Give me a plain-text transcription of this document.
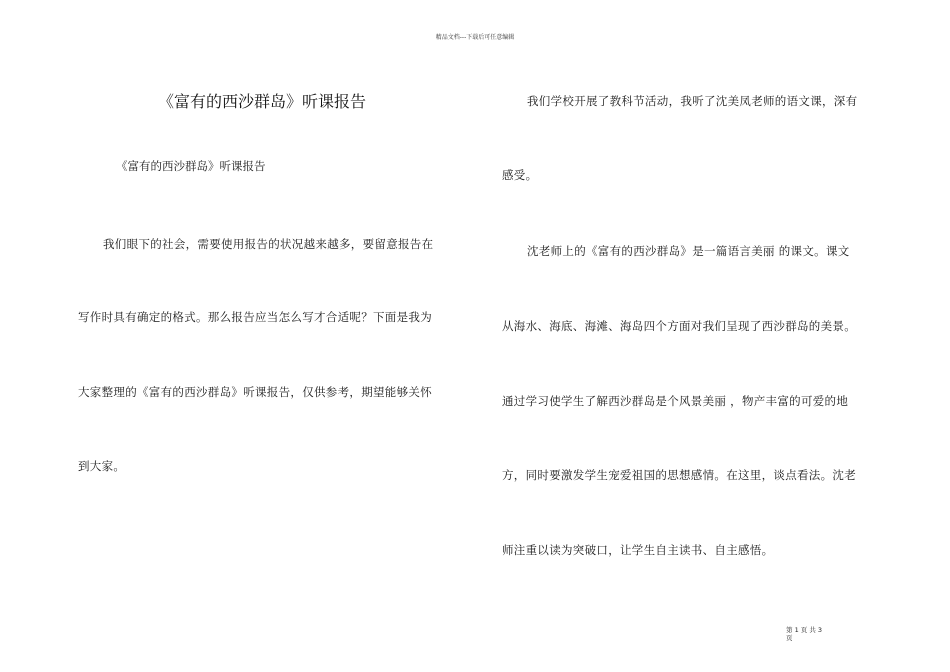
精品文档---下载后可任意编辑
《富有的西沙群岛》听课报告
《富有的西沙群岛》听课报告
我们眼下的社会，需要使用报告的状况越来越多，要留意报告在
写作时具有确定的格式。那么报告应当怎么写才合适呢？下面是我为
大家整理的《富有的西沙群岛》听课报告，仅供参考，期望能够关怀
到大家。
我们学校开展了教科节活动，我听了沈美凤老师的语文课，深有
感受。
沈老师上的《富有的西沙群岛》是一篇语言美丽 的课文。课文
从海水、海底、海滩、海岛四个方面对我们呈现了西沙群岛的美景。
通过学习使学生了解西沙群岛是个风景美丽 ，物产丰富的可爱的地
方，同时要激发学生宠爱祖国的思想感情。在这里，谈点看法。沈老
师注重以读为突破口，让学生自主读书、自主感悟。
第 1 页 共 3 页
